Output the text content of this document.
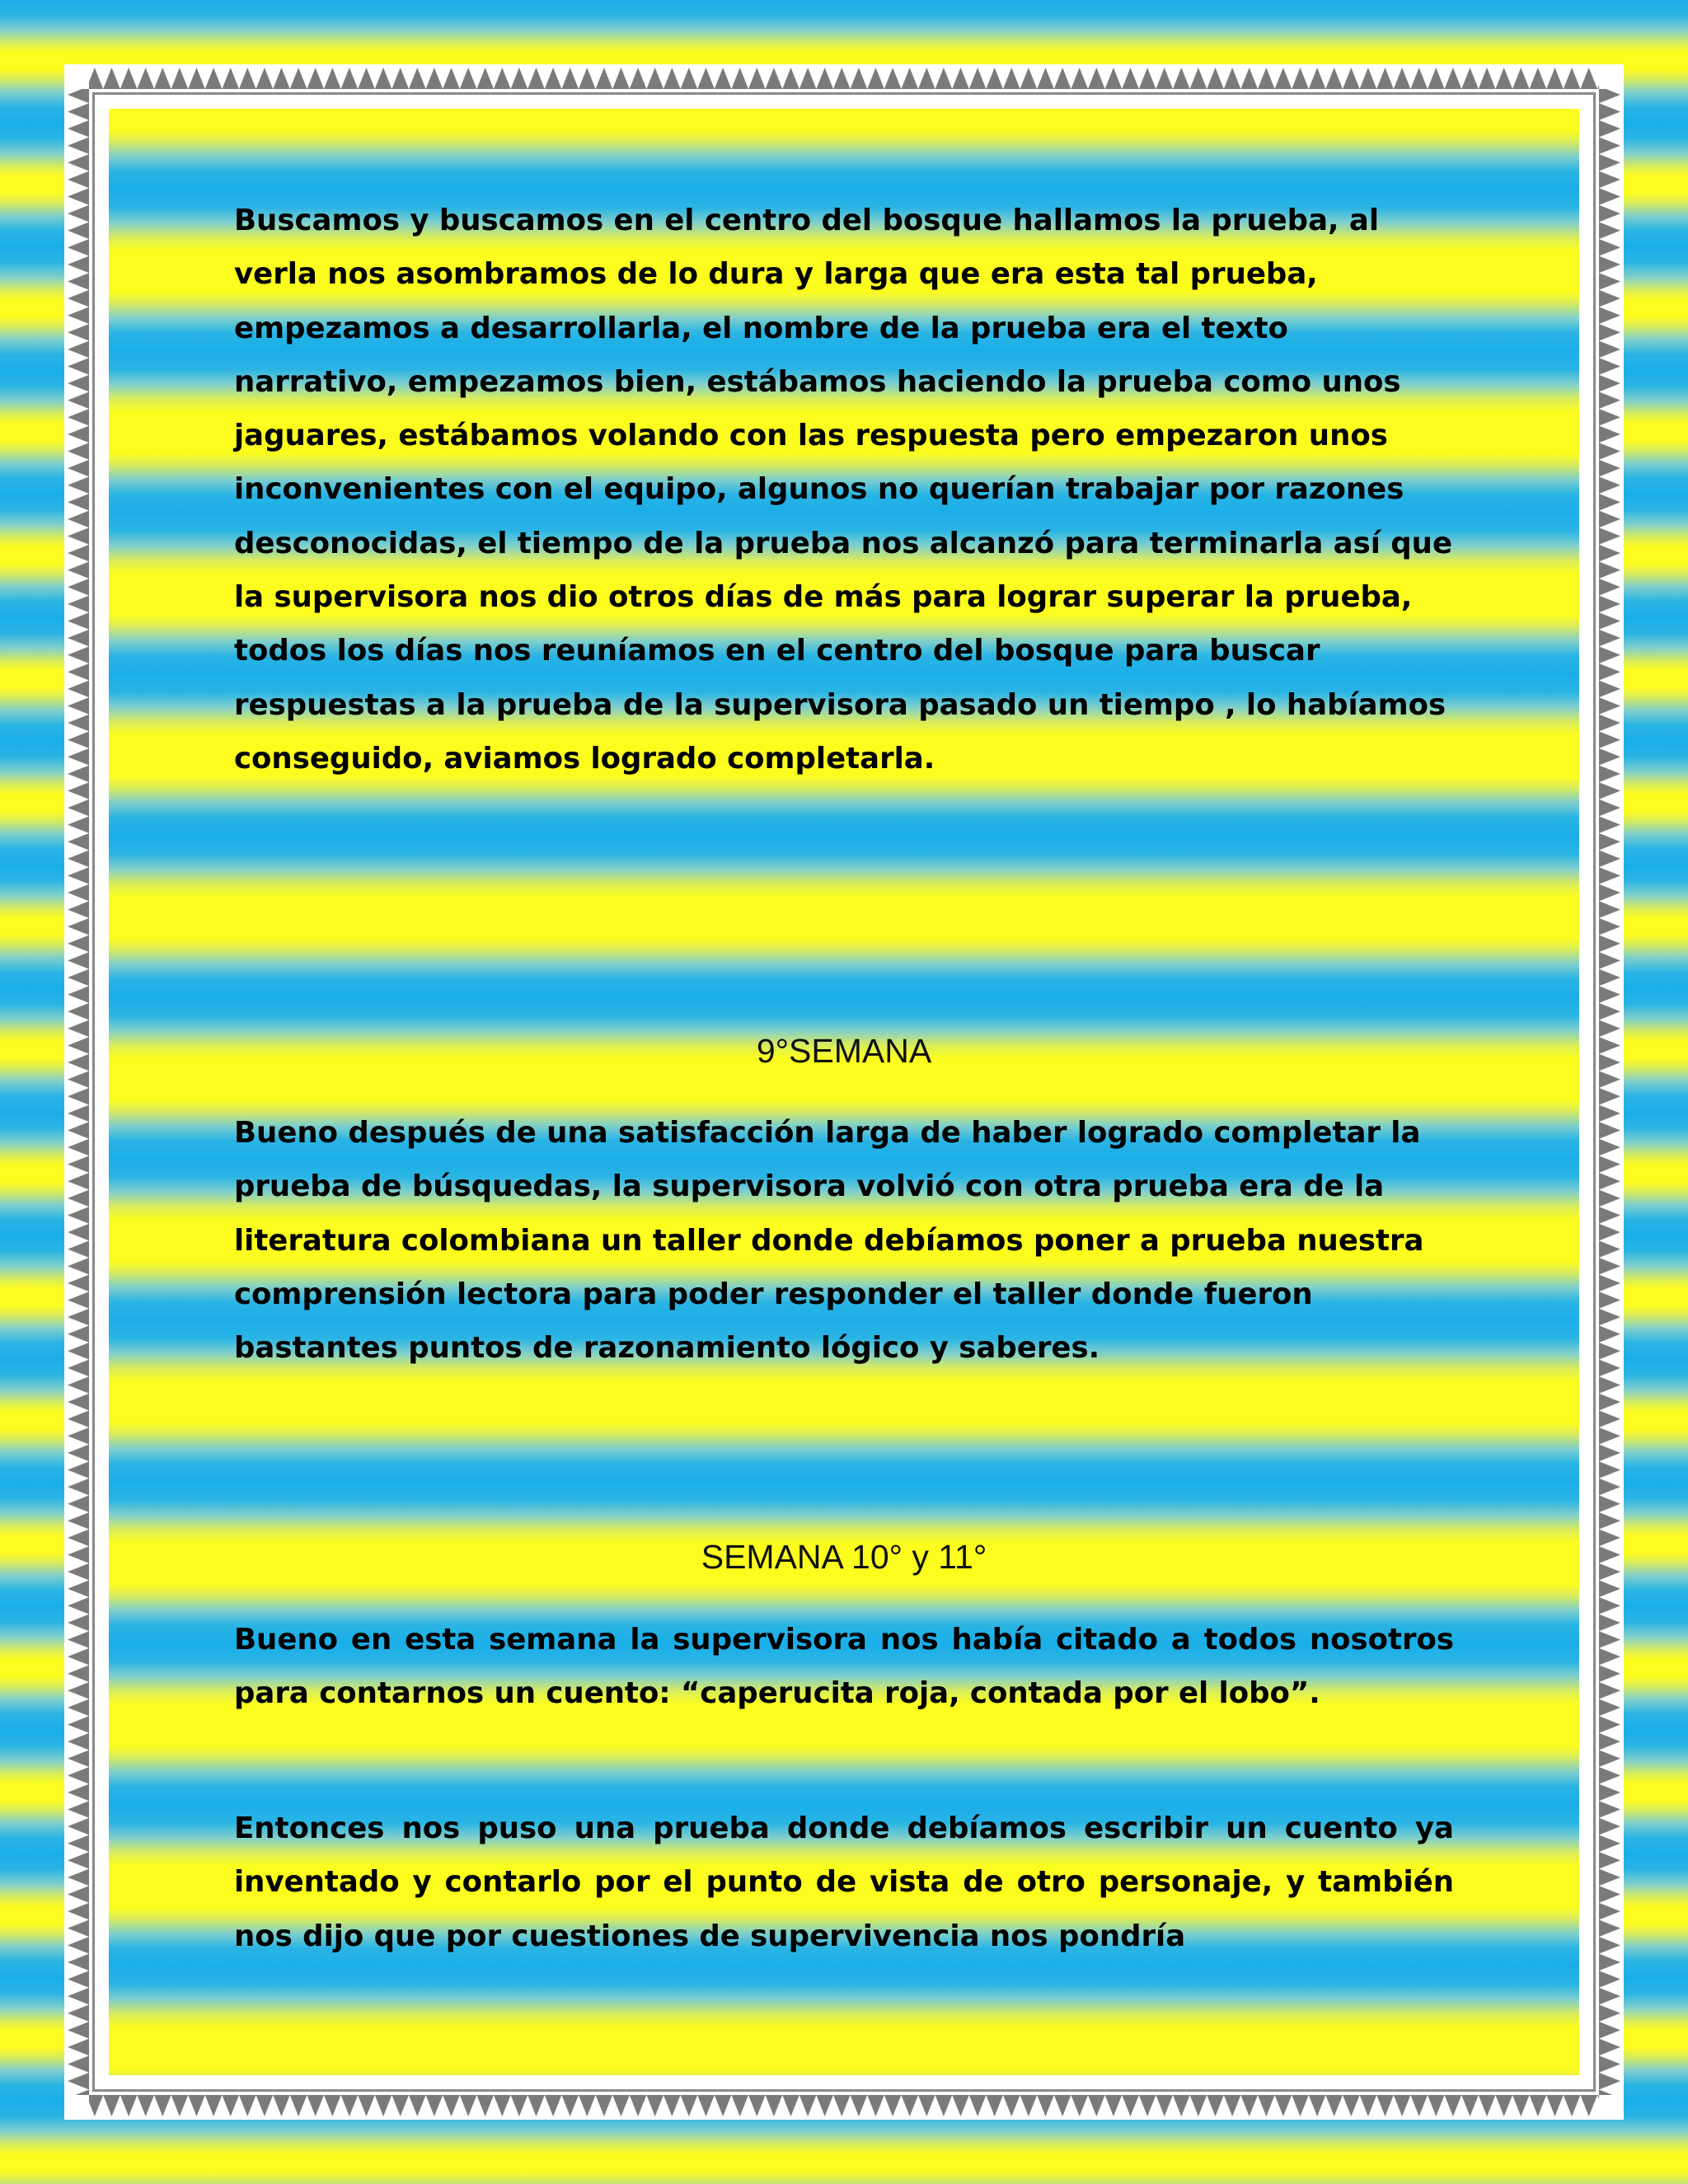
Buscamos y buscamos en el centro del bosque hallamos la prueba, al verla nos asombramos de lo dura y larga que era esta tal prueba, empezamos a desarrollarla, el nombre de la prueba era el texto narrativo, empezamos bien, estábamos haciendo la prueba como unos jaguares, estábamos volando con las respuesta pero empezaron unos inconvenientes con el equipo, algunos no querían trabajar por razones desconocidas, el tiempo de la prueba nos alcanzó para terminarla así que la supervisora nos dio otros días de más para lograr superar la prueba, todos los días nos reuníamos en el centro del bosque para buscar respuestas a la prueba de la supervisora pasado un tiempo , lo habíamos conseguido, aviamos logrado completarla.

9°SEMANA

Bueno después de una satisfacción larga de haber logrado completar la prueba de búsquedas, la supervisora volvió con otra prueba era de la literatura colombiana un taller donde debíamos poner a prueba nuestra comprensión lectora para poder responder el taller donde fueron bastantes puntos de razonamiento lógico y saberes.

SEMANA 10° y 11°

Bueno en esta semana la supervisora nos había citado a todos nosotros para contarnos un cuento: “caperucita roja, contada por el lobo”.

Entonces nos puso una prueba donde debíamos escribir un cuento ya inventado y contarlo por el punto de vista de otro personaje, y también nos dijo que por cuestiones de supervivencia nos pondría
